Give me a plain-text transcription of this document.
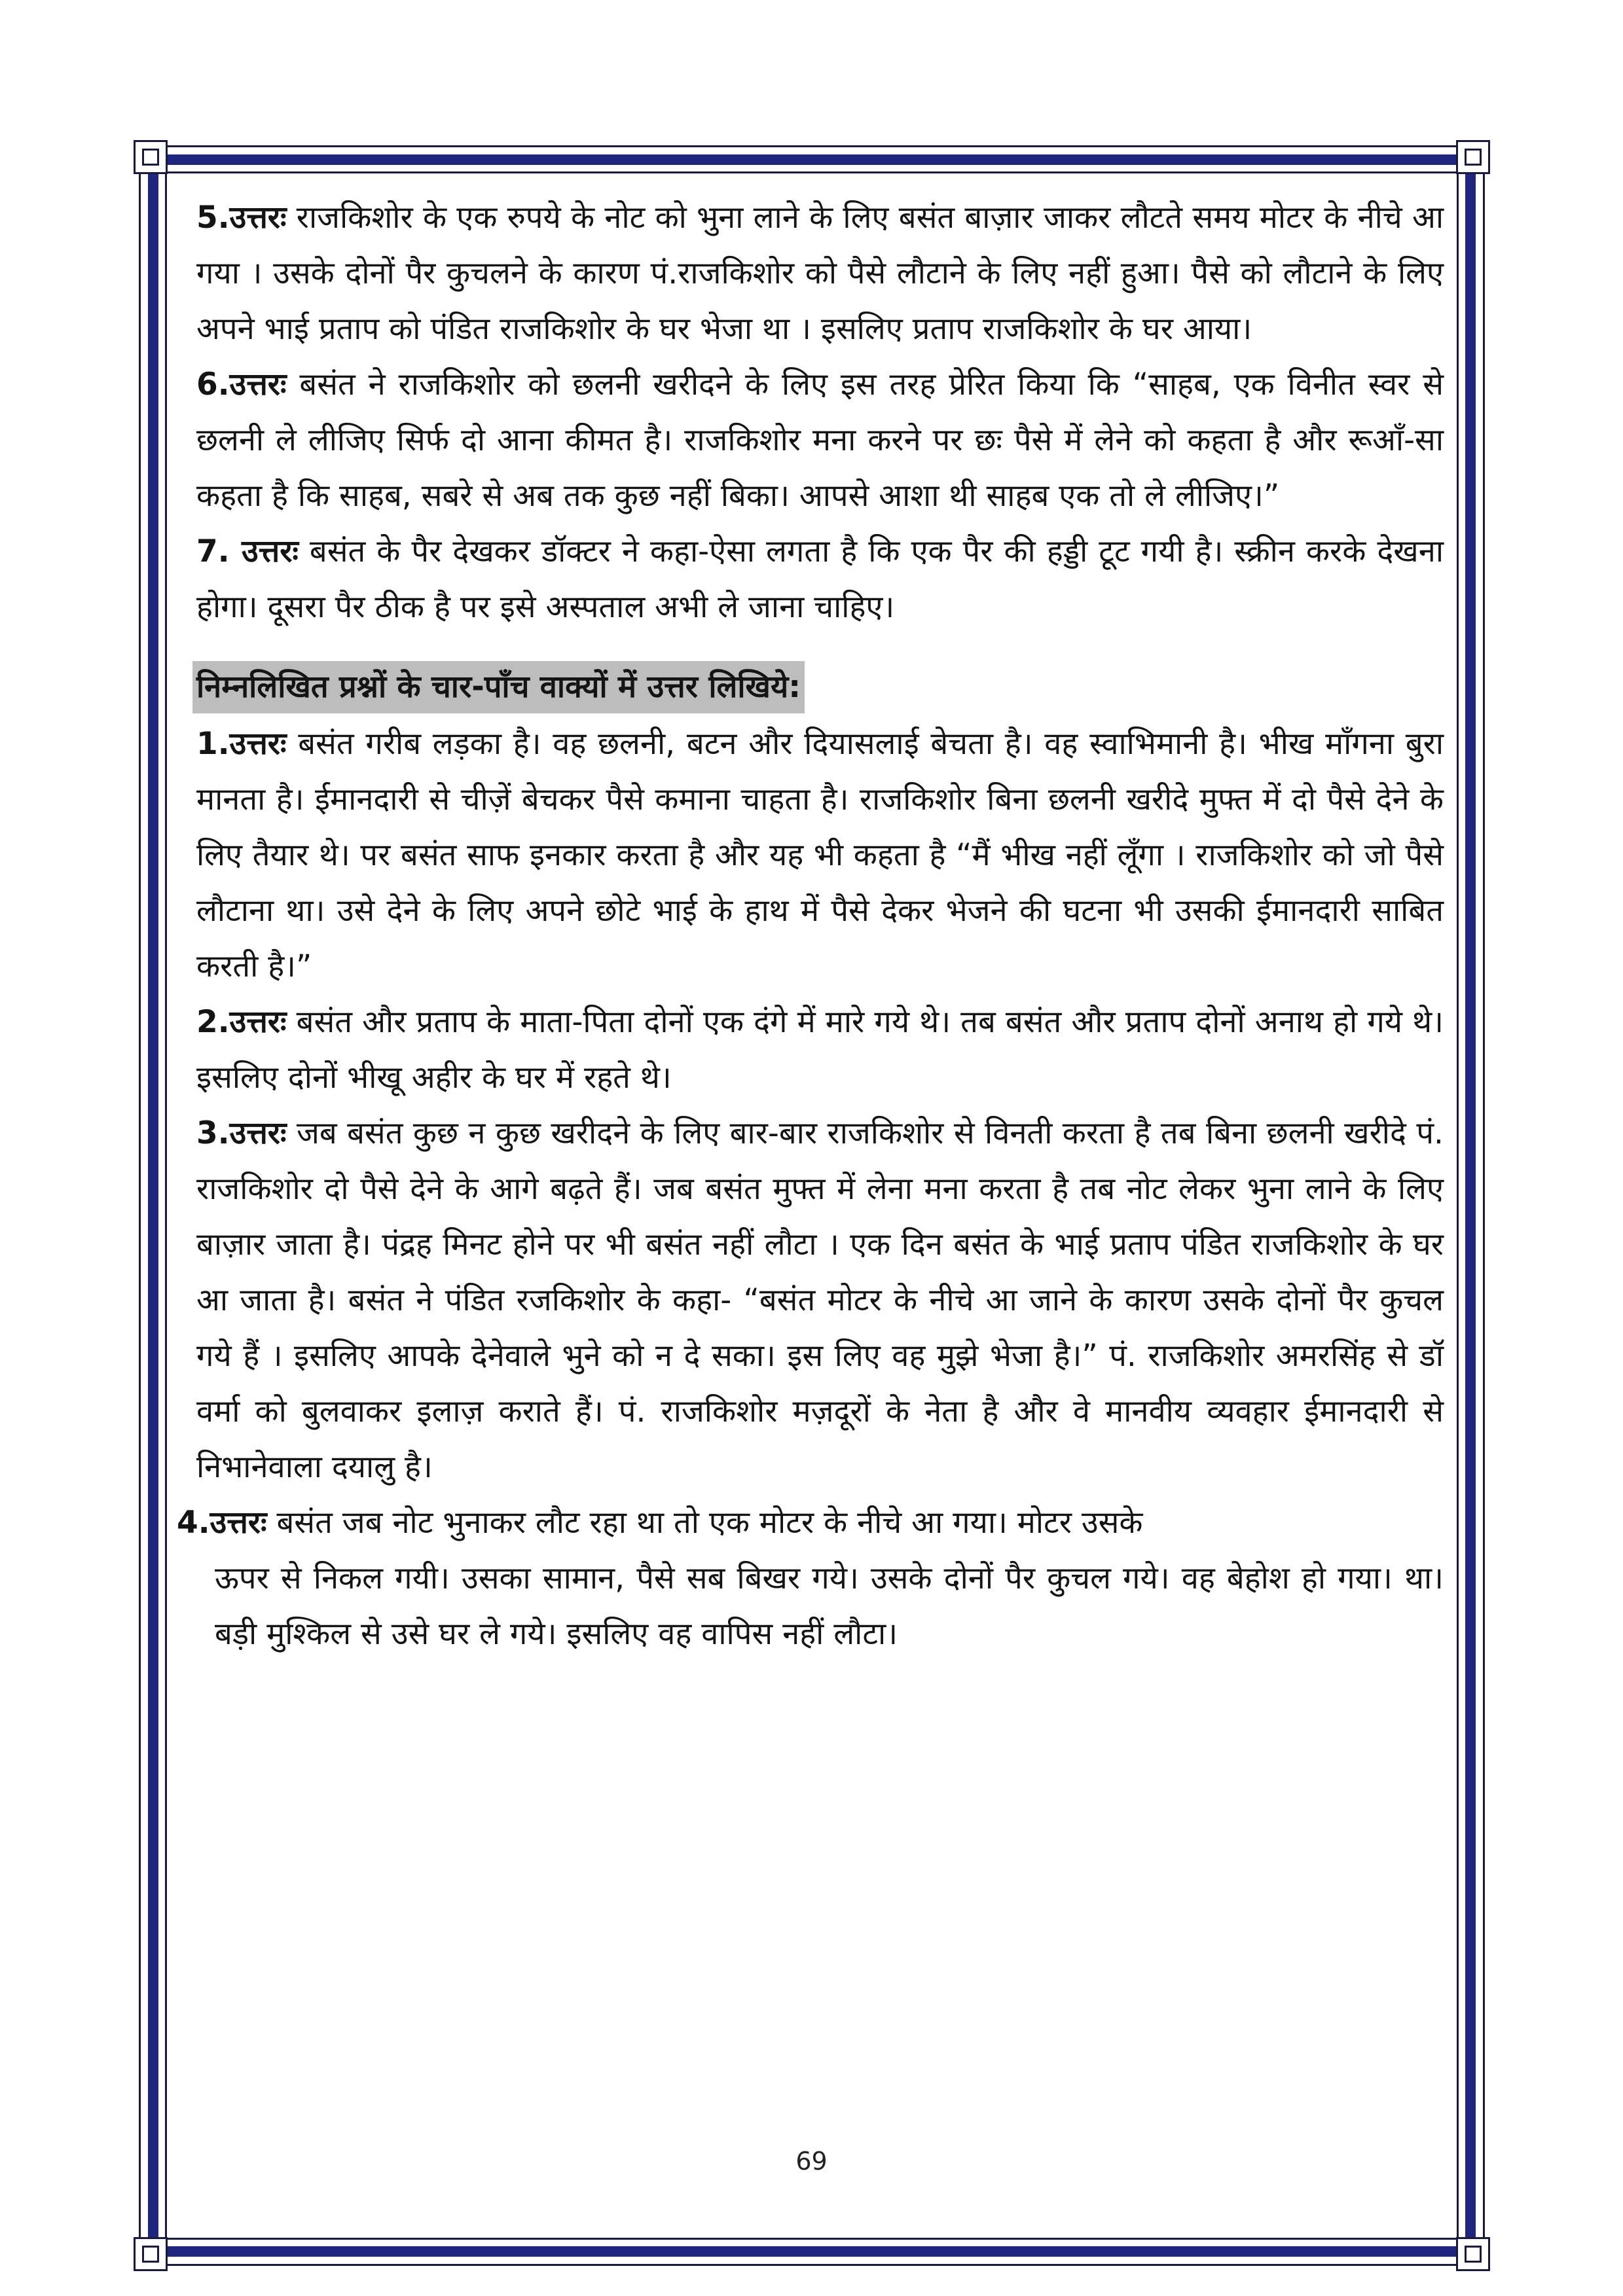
5.उत्तरः राजकिशोर के एक रुपये के नोट को भुना लाने के लिए बसंत बाज़ार जाकर लौटते समय मोटर के नीचे आ गया । उसके दोनों पैर कुचलने के कारण पं.राजकिशोर को पैसे लौटाने के लिए नहीं हुआ। पैसे को लौटाने के लिए अपने भाई प्रताप को पंडित राजकिशोर के घर भेजा था । इसलिए प्रताप राजकिशोर के घर आया।

6.उत्तरः बसंत ने राजकिशोर को छलनी खरीदने के लिए इस तरह प्रेरित किया कि “साहब, एक विनीत स्वर से छलनी ले लीजिए सिर्फ दो आना कीमत है। राजकिशोर मना करने पर छः पैसे में लेने को कहता है और रूआँ-सा कहता है कि साहब, सबरे से अब तक कुछ नहीं बिका। आपसे आशा थी साहब एक तो ले लीजिए।”

7. उत्तरः बसंत के पैर देखकर डॉक्टर ने कहा-ऐसा लगता है कि एक पैर की हड्डी टूट गयी है। स्क्रीन करके देखना होगा। दूसरा पैर ठीक है पर इसे अस्पताल अभी ले जाना चाहिए।

निम्नलिखित प्रश्नों के चार-पाँच वाक्यों में उत्तर लिखिये:

1.उत्तरः बसंत गरीब लड़का है। वह छलनी, बटन और दियासलाई बेचता है। वह स्वाभिमानी है। भीख माँगना बुरा मानता है। ईमानदारी से चीज़ें बेचकर पैसे कमाना चाहता है। राजकिशोर बिना छलनी खरीदे मुफ्त में दो पैसे देने के लिए तैयार थे। पर बसंत साफ इनकार करता है और यह भी कहता है “मैं भीख नहीं लूँगा । राजकिशोर को जो पैसे लौटाना था। उसे देने के लिए अपने छोटे भाई के हाथ में पैसे देकर भेजने की घटना भी उसकी ईमानदारी साबित करती है।”

2.उत्तरः बसंत और प्रताप के माता-पिता दोनों एक दंगे में मारे गये थे। तब बसंत और प्रताप दोनों अनाथ हो गये थे। इसलिए दोनों भीखू अहीर के घर में रहते थे।

3.उत्तरः जब बसंत कुछ न कुछ खरीदने के लिए बार-बार राजकिशोर से विनती करता है तब बिना छलनी खरीदे पं. राजकिशोर दो पैसे देने के आगे बढ़ते हैं। जब बसंत मुफ्त में लेना मना करता है तब नोट लेकर भुना लाने के लिए बाज़ार जाता है। पंद्रह मिनट होने पर भी बसंत नहीं लौटा । एक दिन बसंत के भाई प्रताप पंडित राजकिशोर के घर आ जाता है। बसंत ने पंडित रजकिशोर के कहा- “बसंत मोटर के नीचे आ जाने के कारण उसके दोनों पैर कुचल गये हैं । इसलिए आपके देनेवाले भुने को न दे सका। इस लिए वह मुझे भेजा है।” पं. राजकिशोर अमरसिंह से डॉ वर्मा को बुलवाकर इलाज़ कराते हैं। पं. राजकिशोर मज़दूरों के नेता है और वे मानवीय व्यवहार ईमानदारी से निभानेवाला दयालु है।

4.उत्तरः बसंत जब नोट भुनाकर लौट रहा था तो एक मोटर के नीचे आ गया। मोटर उसके
ऊपर से निकल गयी। उसका सामान, पैसे सब बिखर गये। उसके दोनों पैर कुचल गये। वह बेहोश हो गया। था। बड़ी मुश्किल से उसे घर ले गये। इसलिए वह वापिस नहीं लौटा।

69
